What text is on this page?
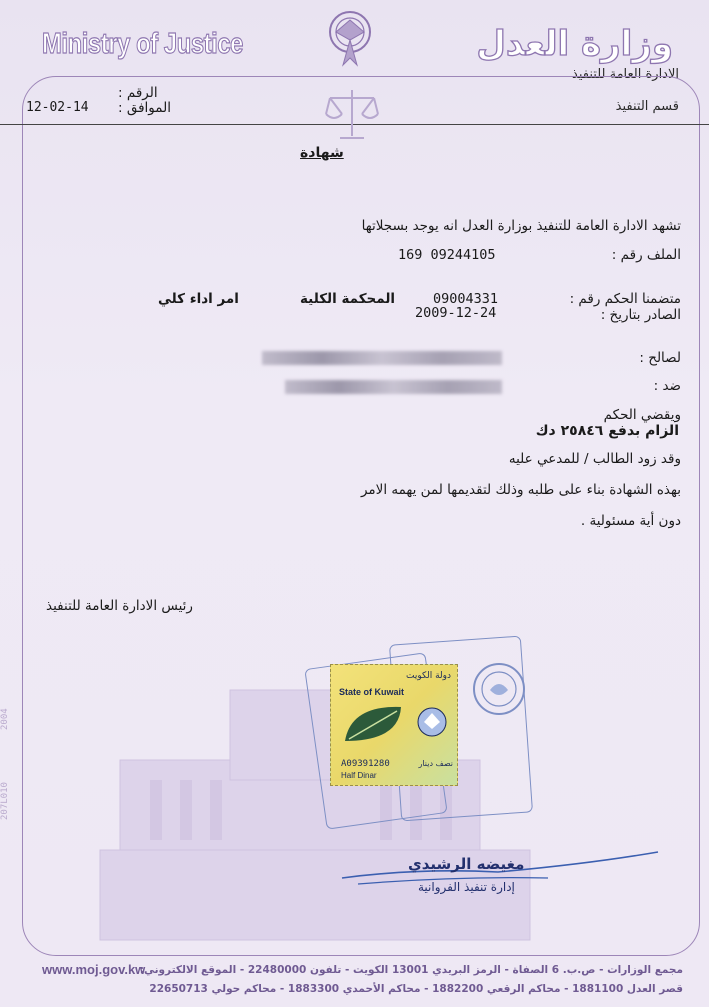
Ministry of Justice	وزارة العدل
الادارة العامة للتنفيذ
قسم التنفيذ
الرقم :
الموافق :
12-02-14
شهادة
تشهد الادارة العامة للتنفيذ بوزارة العدل انه يوجد بسجلاتها
الملف رقم :
169 09244105
متضمنا الحكم رقم :
09004331
المحكمة الكلية
امر اداء كلي
الصادر بتاريخ :
2009-12-24
لصالح :
ضد :
ويقضي الحكم
الزام بدفع ٢٥٨٤٦ دك
وقد زود الطالب / للمدعي عليه
بهذه الشهادة بناء على طلبه وذلك لتقديمها لمن يهمه الامر
دون أية مسئولية .
رئيس الادارة العامة للتنفيذ
State of Kuwait
دولة الكويت
A09391280
Half Dinar
نصف دينار
مغيضه الرشيدي
إدارة تنفيذ الفروانية
207L010
2004
www.moj.gov.kw
مجمع الوزارات - ص.ب. 6 الصفاة - الرمز البريدي 13001 الكويت - تلفون 22480000 - الموقع الالكتروني:
قصر العدل 1881100 - محاكم الرقعي 1882200 - محاكم الأحمدي 1883300 - محاكم حولي 22650713
